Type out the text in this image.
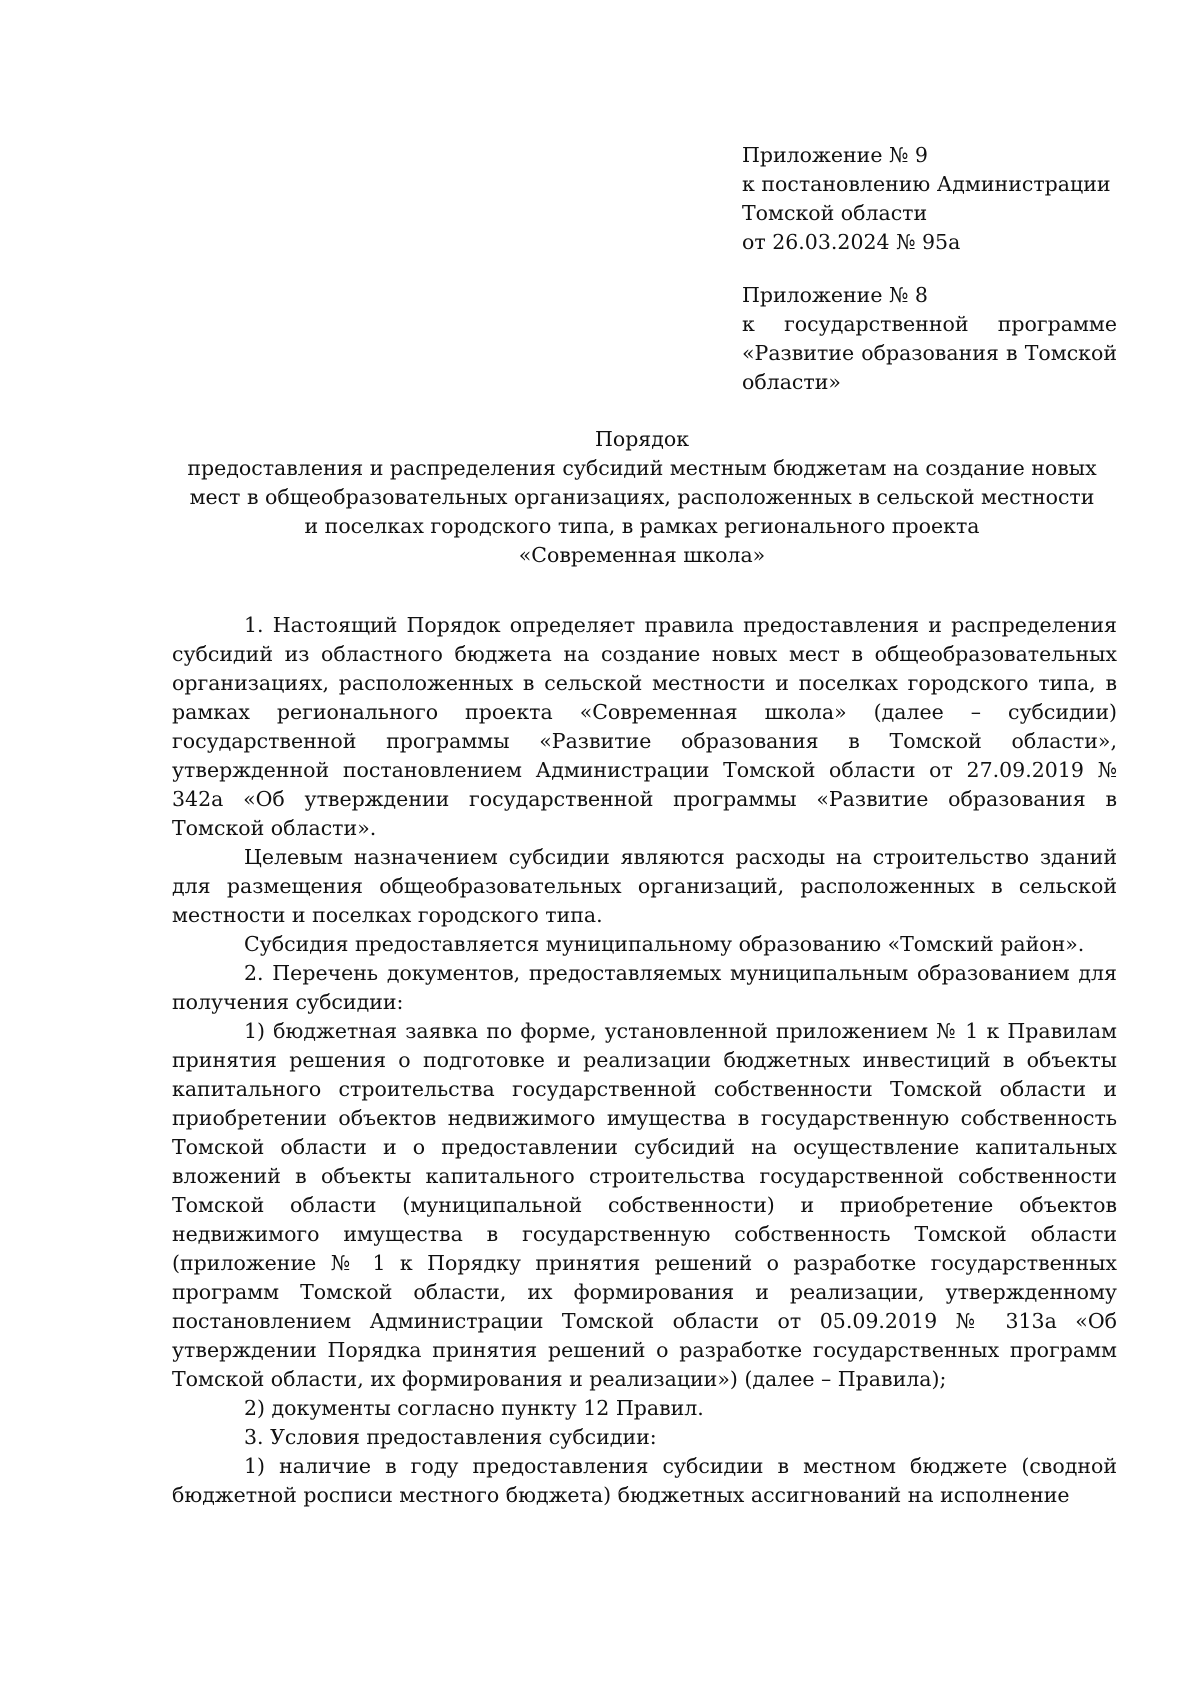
Приложение № 9
к постановлению Администрации
Томской области
от 26.03.2024 № 95а
Приложение № 8
к государственной программе
«Развитие образования в Томской
области»
Порядок
предоставления и распределения субсидий местным бюджетам на создание новых
мест в общеобразовательных организациях, расположенных в сельской местности
и поселках городского типа, в рамках регионального проекта
«Современная школа»

1. Настоящий Порядок определяет правила предоставления и распределения субсидий из областного бюджета на создание новых мест в общеобразовательных организациях, расположенных в сельской местности и поселках городского типа, в рамках регионального проекта «Современная школа» (далее – субсидии) государственной программы «Развитие образования в Томской области», утвержденной постановлением Администрации Томской области от 27.09.2019 № 342а «Об утверждении государственной программы «Развитие образования в Томской области».

Целевым назначением субсидии являются расходы на строительство зданий для размещения общеобразовательных организаций, расположенных в сельской местности и поселках городского типа.

Субсидия предоставляется муниципальному образованию «Томский район».

2. Перечень документов, предоставляемых муниципальным образованием для получения субсидии:

1) бюджетная заявка по форме, установленной приложением № 1 к Правилам принятия решения о подготовке и реализации бюджетных инвестиций в объекты капитального строительства государственной собственности Томской области и приобретении объектов недвижимого имущества в государственную собственность Томской области и о предоставлении субсидий на осуществление капитальных вложений в объекты капитального строительства государственной собственности Томской области (муниципальной собственности) и приобретение объектов недвижимого имущества в государственную собственность Томской области (приложение № 1 к Порядку принятия решений о разработке государственных программ Томской области, их формирования и реализации, утвержденному постановлением Администрации Томской области от 05.09.2019 № 313а «Об утверждении Порядка принятия решений о разработке государственных программ Томской области, их формирования и реализации») (далее – Правила);

2) документы согласно пункту 12 Правил.

3. Условия предоставления субсидии:

1) наличие в году предоставления субсидии в местном бюджете (сводной бюджетной росписи местного бюджета) бюджетных ассигнований на исполнение
